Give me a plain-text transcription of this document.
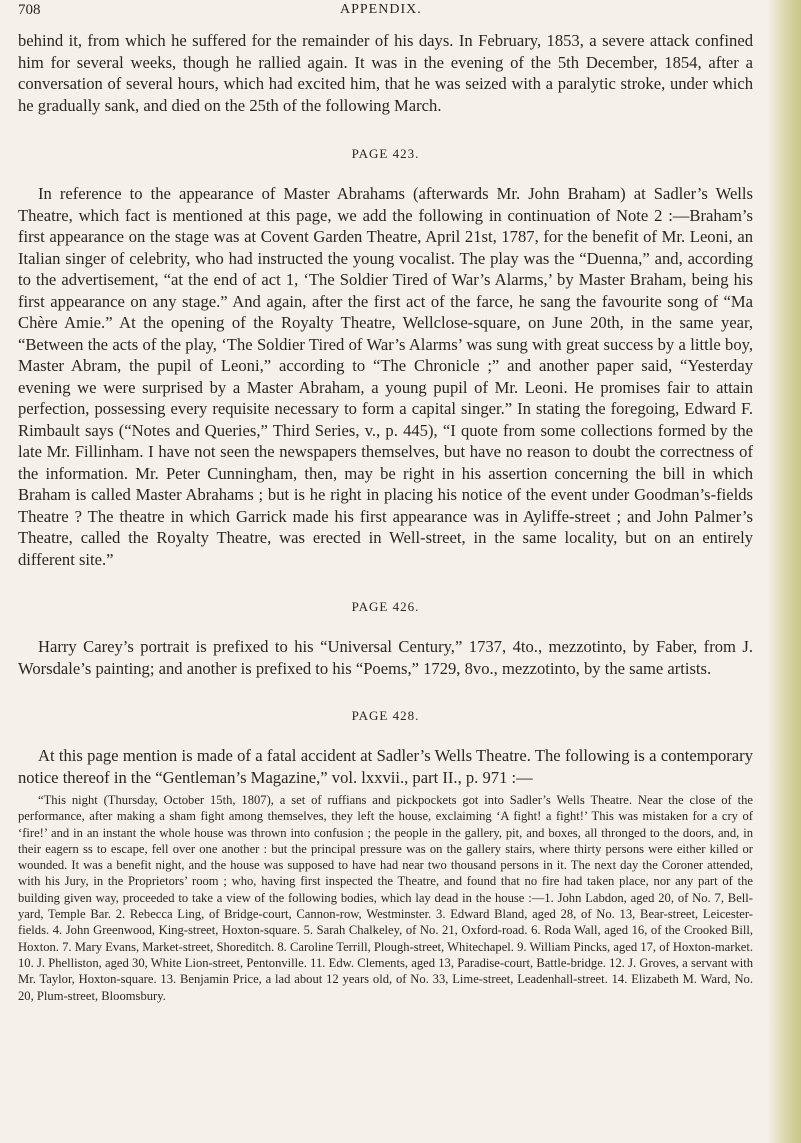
708	APPENDIX.

behind it, from which he suffered for the remainder of his days. In February, 1853, a severe attack confined him for several weeks, though he rallied again. It was in the evening of the 5th December, 1854, after a conversation of several hours, which had excited him, that he was seized with a paralytic stroke, under which he gradually sank, and died on the 25th of the following March.

PAGE 423.

In reference to the appearance of Master Abrahams (afterwards Mr. John Braham) at Sadler’s Wells Theatre, which fact is mentioned at this page, we add the following in continuation of Note 2 :—Braham’s first appearance on the stage was at Covent Garden Theatre, April 21st, 1787, for the benefit of Mr. Leoni, an Italian singer of celebrity, who had instructed the young vocalist. The play was the “Duenna,” and, according to the advertisement, “at the end of act 1, ‘The Soldier Tired of War’s Alarms,’ by Master Braham, being his first appearance on any stage.” And again, after the first act of the farce, he sang the favourite song of “Ma Chère Amie.” At the opening of the Royalty Theatre, Wellclose-square, on June 20th, in the same year, “Between the acts of the play, ‘The Soldier Tired of War’s Alarms’ was sung with great success by a little boy, Master Abram, the pupil of Leoni,” according to “The Chronicle ;” and another paper said, “Yesterday evening we were surprised by a Master Abraham, a young pupil of Mr. Leoni. He promises fair to attain perfection, possessing every requisite necessary to form a capital singer.” In stating the foregoing, Edward F. Rimbault says (“Notes and Queries,” Third Series, v., p. 445), “I quote from some collections formed by the late Mr. Fillinham. I have not seen the newspapers themselves, but have no reason to doubt the correctness of the information. Mr. Peter Cunningham, then, may be right in his assertion concerning the bill in which Braham is called Master Abrahams ; but is he right in placing his notice of the event under Goodman’s-fields Theatre ? The theatre in which Garrick made his first appearance was in Ayliffe-street ; and John Palmer’s Theatre, called the Royalty Theatre, was erected in Well-street, in the same locality, but on an entirely different site.”

PAGE 426.

Harry Carey’s portrait is prefixed to his “Universal Century,” 1737, 4to., mezzotinto, by Faber, from J. Worsdale’s painting; and another is prefixed to his “Poems,” 1729, 8vo., mezzotinto, by the same artists.

PAGE 428.

At this page mention is made of a fatal accident at Sadler’s Wells Theatre. The following is a contemporary notice thereof in the “Gentleman’s Magazine,” vol. lxxvii., part II., p. 971 :—

“This night (Thursday, October 15th, 1807), a set of ruffians and pickpockets got into Sadler’s Wells Theatre. Near the close of the performance, after making a sham fight among themselves, they left the house, exclaiming ‘A fight! a fight!’ This was mistaken for a cry of ‘fire!’ and in an instant the whole house was thrown into confusion ; the people in the gallery, pit, and boxes, all thronged to the doors, and, in their eagern ss to escape, fell over one another : but the principal pressure was on the gallery stairs, where thirty persons were either killed or wounded. It was a benefit night, and the house was supposed to have had near two thousand persons in it. The next day the Coroner attended, with his Jury, in the Proprietors’ room ; who, having first inspected the Theatre, and found that no fire had taken place, nor any part of the building given way, proceeded to take a view of the following bodies, which lay dead in the house :—1. John Labdon, aged 20, of No. 7, Bell-yard, Temple Bar. 2. Rebecca Ling, of Bridge-court, Cannon-row, Westminster. 3. Edward Bland, aged 28, of No. 13, Bear-street, Leicester-fields. 4. John Greenwood, King-street, Hoxton-square. 5. Sarah Chalkeley, of No. 21, Oxford-road. 6. Roda Wall, aged 16, of the Crooked Bill, Hoxton. 7. Mary Evans, Market-street, Shoreditch. 8. Caroline Terrill, Plough-street, Whitechapel. 9. William Pincks, aged 17, of Hoxton-market. 10. J. Phelliston, aged 30, White Lion-street, Pentonville. 11. Edw. Clements, aged 13, Paradise-court, Battle-bridge. 12. J. Groves, a servant with Mr. Taylor, Hoxton-square. 13. Benjamin Price, a lad about 12 years old, of No. 33, Lime-street, Leadenhall-street. 14. Elizabeth M. Ward, No. 20, Plum-street, Bloomsbury.
